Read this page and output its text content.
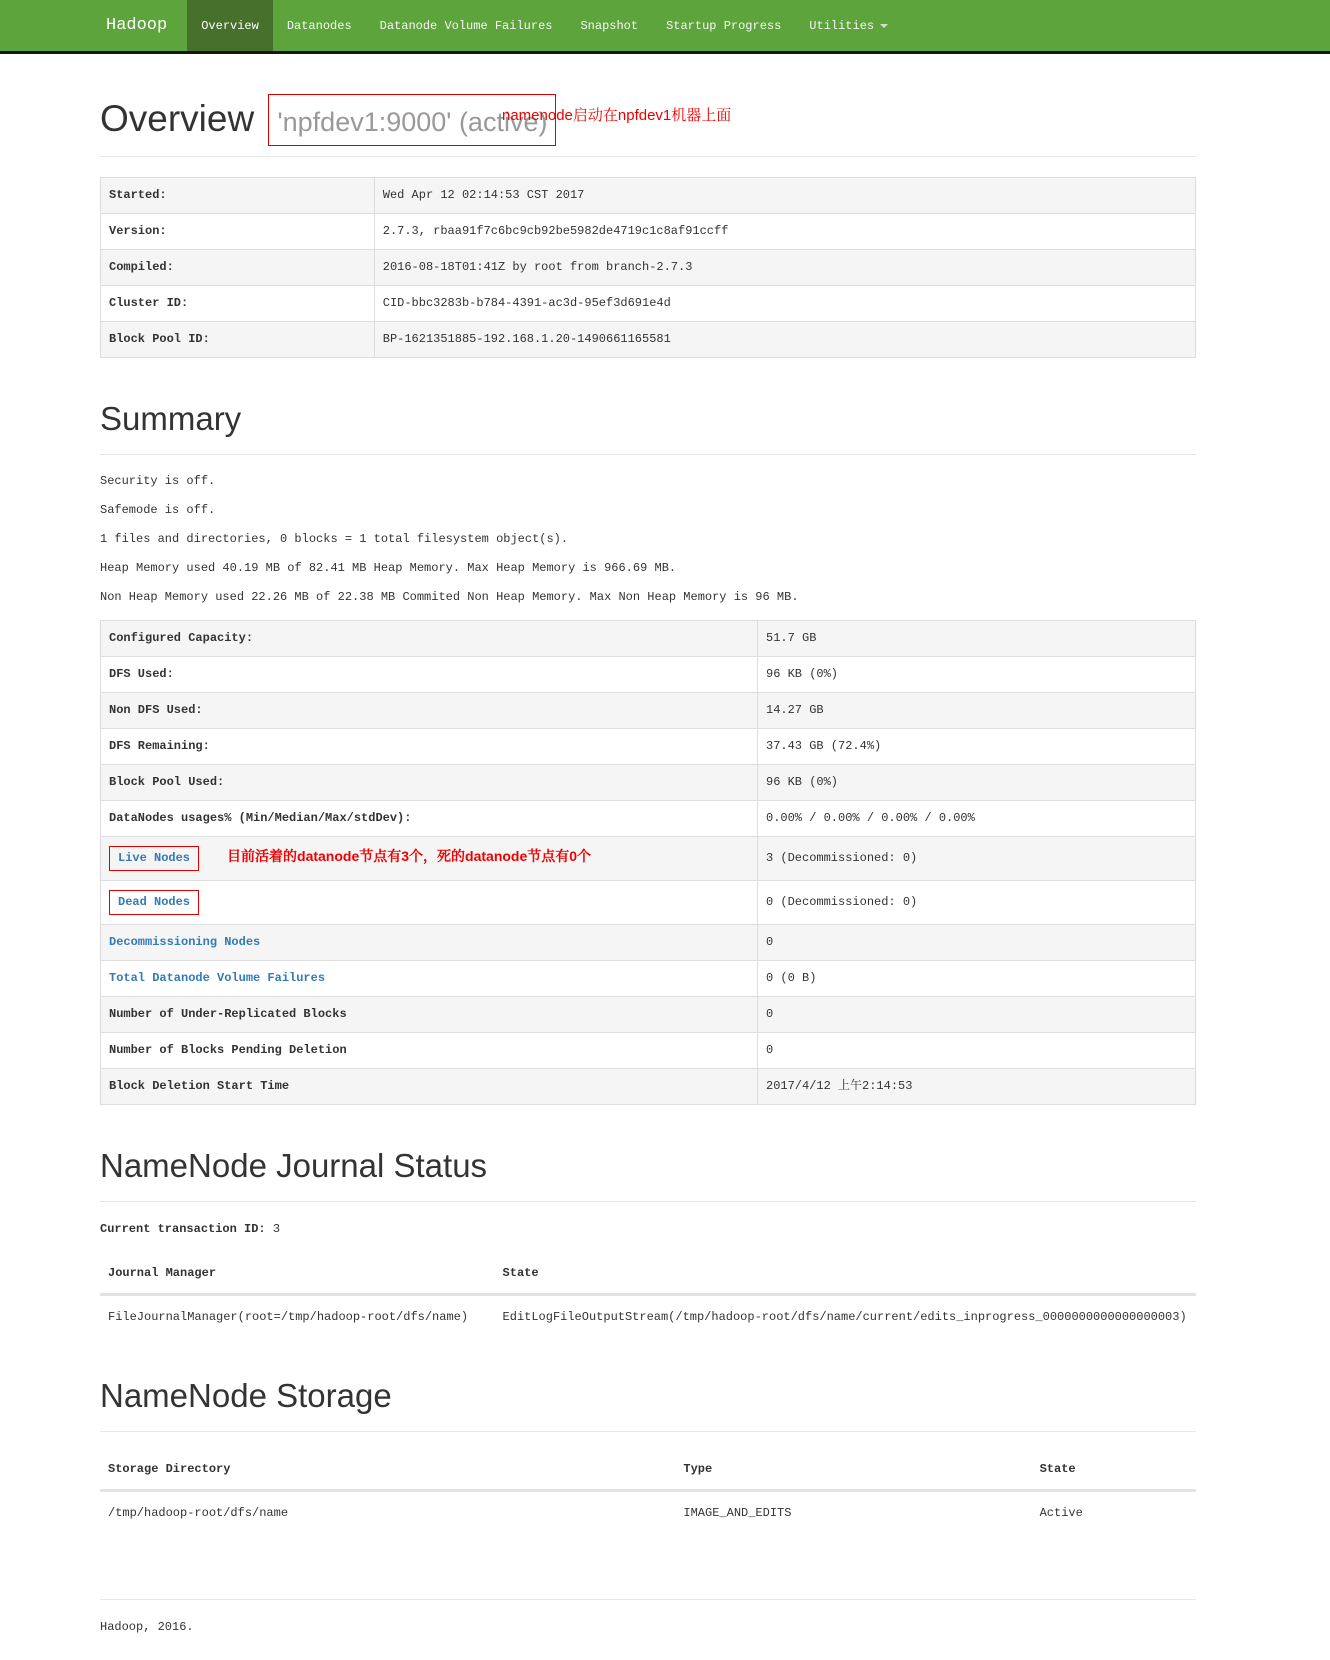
Hadoop	Overview Datanodes Datanode Volume Failures Snapshot Startup Progress Utilities
namenode启动在npfdev1机器上面
Overview 'npfdev1:9000' (active)
Started:	Wed Apr 12 02:14:53 CST 2017
Version:	2.7.3, rbaa91f7c6bc9cb92be5982de4719c1c8af91ccff
Compiled:	2016-08-18T01:41Z by root from branch-2.7.3
Cluster ID:	CID-bbc3283b-b784-4391-ac3d-95ef3d691e4d
Block Pool ID:	BP-1621351885-192.168.1.20-1490661165581
Summary

Security is off.

Safemode is off.

1 files and directories, 0 blocks = 1 total filesystem object(s).

Heap Memory used 40.19 MB of 82.41 MB Heap Memory. Max Heap Memory is 966.69 MB.

Non Heap Memory used 22.26 MB of 22.38 MB Commited Non Heap Memory. Max Non Heap Memory is 96 MB.

Configured Capacity:	51.7 GB
DFS Used:	96 KB (0%)
Non DFS Used:	14.27 GB
DFS Remaining:	37.43 GB (72.4%)
Block Pool Used:	96 KB (0%)
DataNodes usages% (Min/Median/Max/stdDev):	0.00% / 0.00% / 0.00% / 0.00%
Live Nodes 目前活着的datanode节点有3个，死的datanode节点有0个	3 (Decommissioned: 0)
Dead Nodes	0 (Decommissioned: 0)
Decommissioning Nodes	0
Total Datanode Volume Failures	0 (0 B)
Number of Under-Replicated Blocks	0
Number of Blocks Pending Deletion	0
Block Deletion Start Time	2017/4/12 上午2:14:53
NameNode Journal Status

Current transaction ID: 3

Journal Manager	State
FileJournalManager(root=/tmp/hadoop-root/dfs/name)	EditLogFileOutputStream(/tmp/hadoop-root/dfs/name/current/edits_inprogress_0000000000000000003)
NameNode Storage
Storage Directory	Type	State
/tmp/hadoop-root/dfs/name	IMAGE_AND_EDITS	Active

Hadoop, 2016.
